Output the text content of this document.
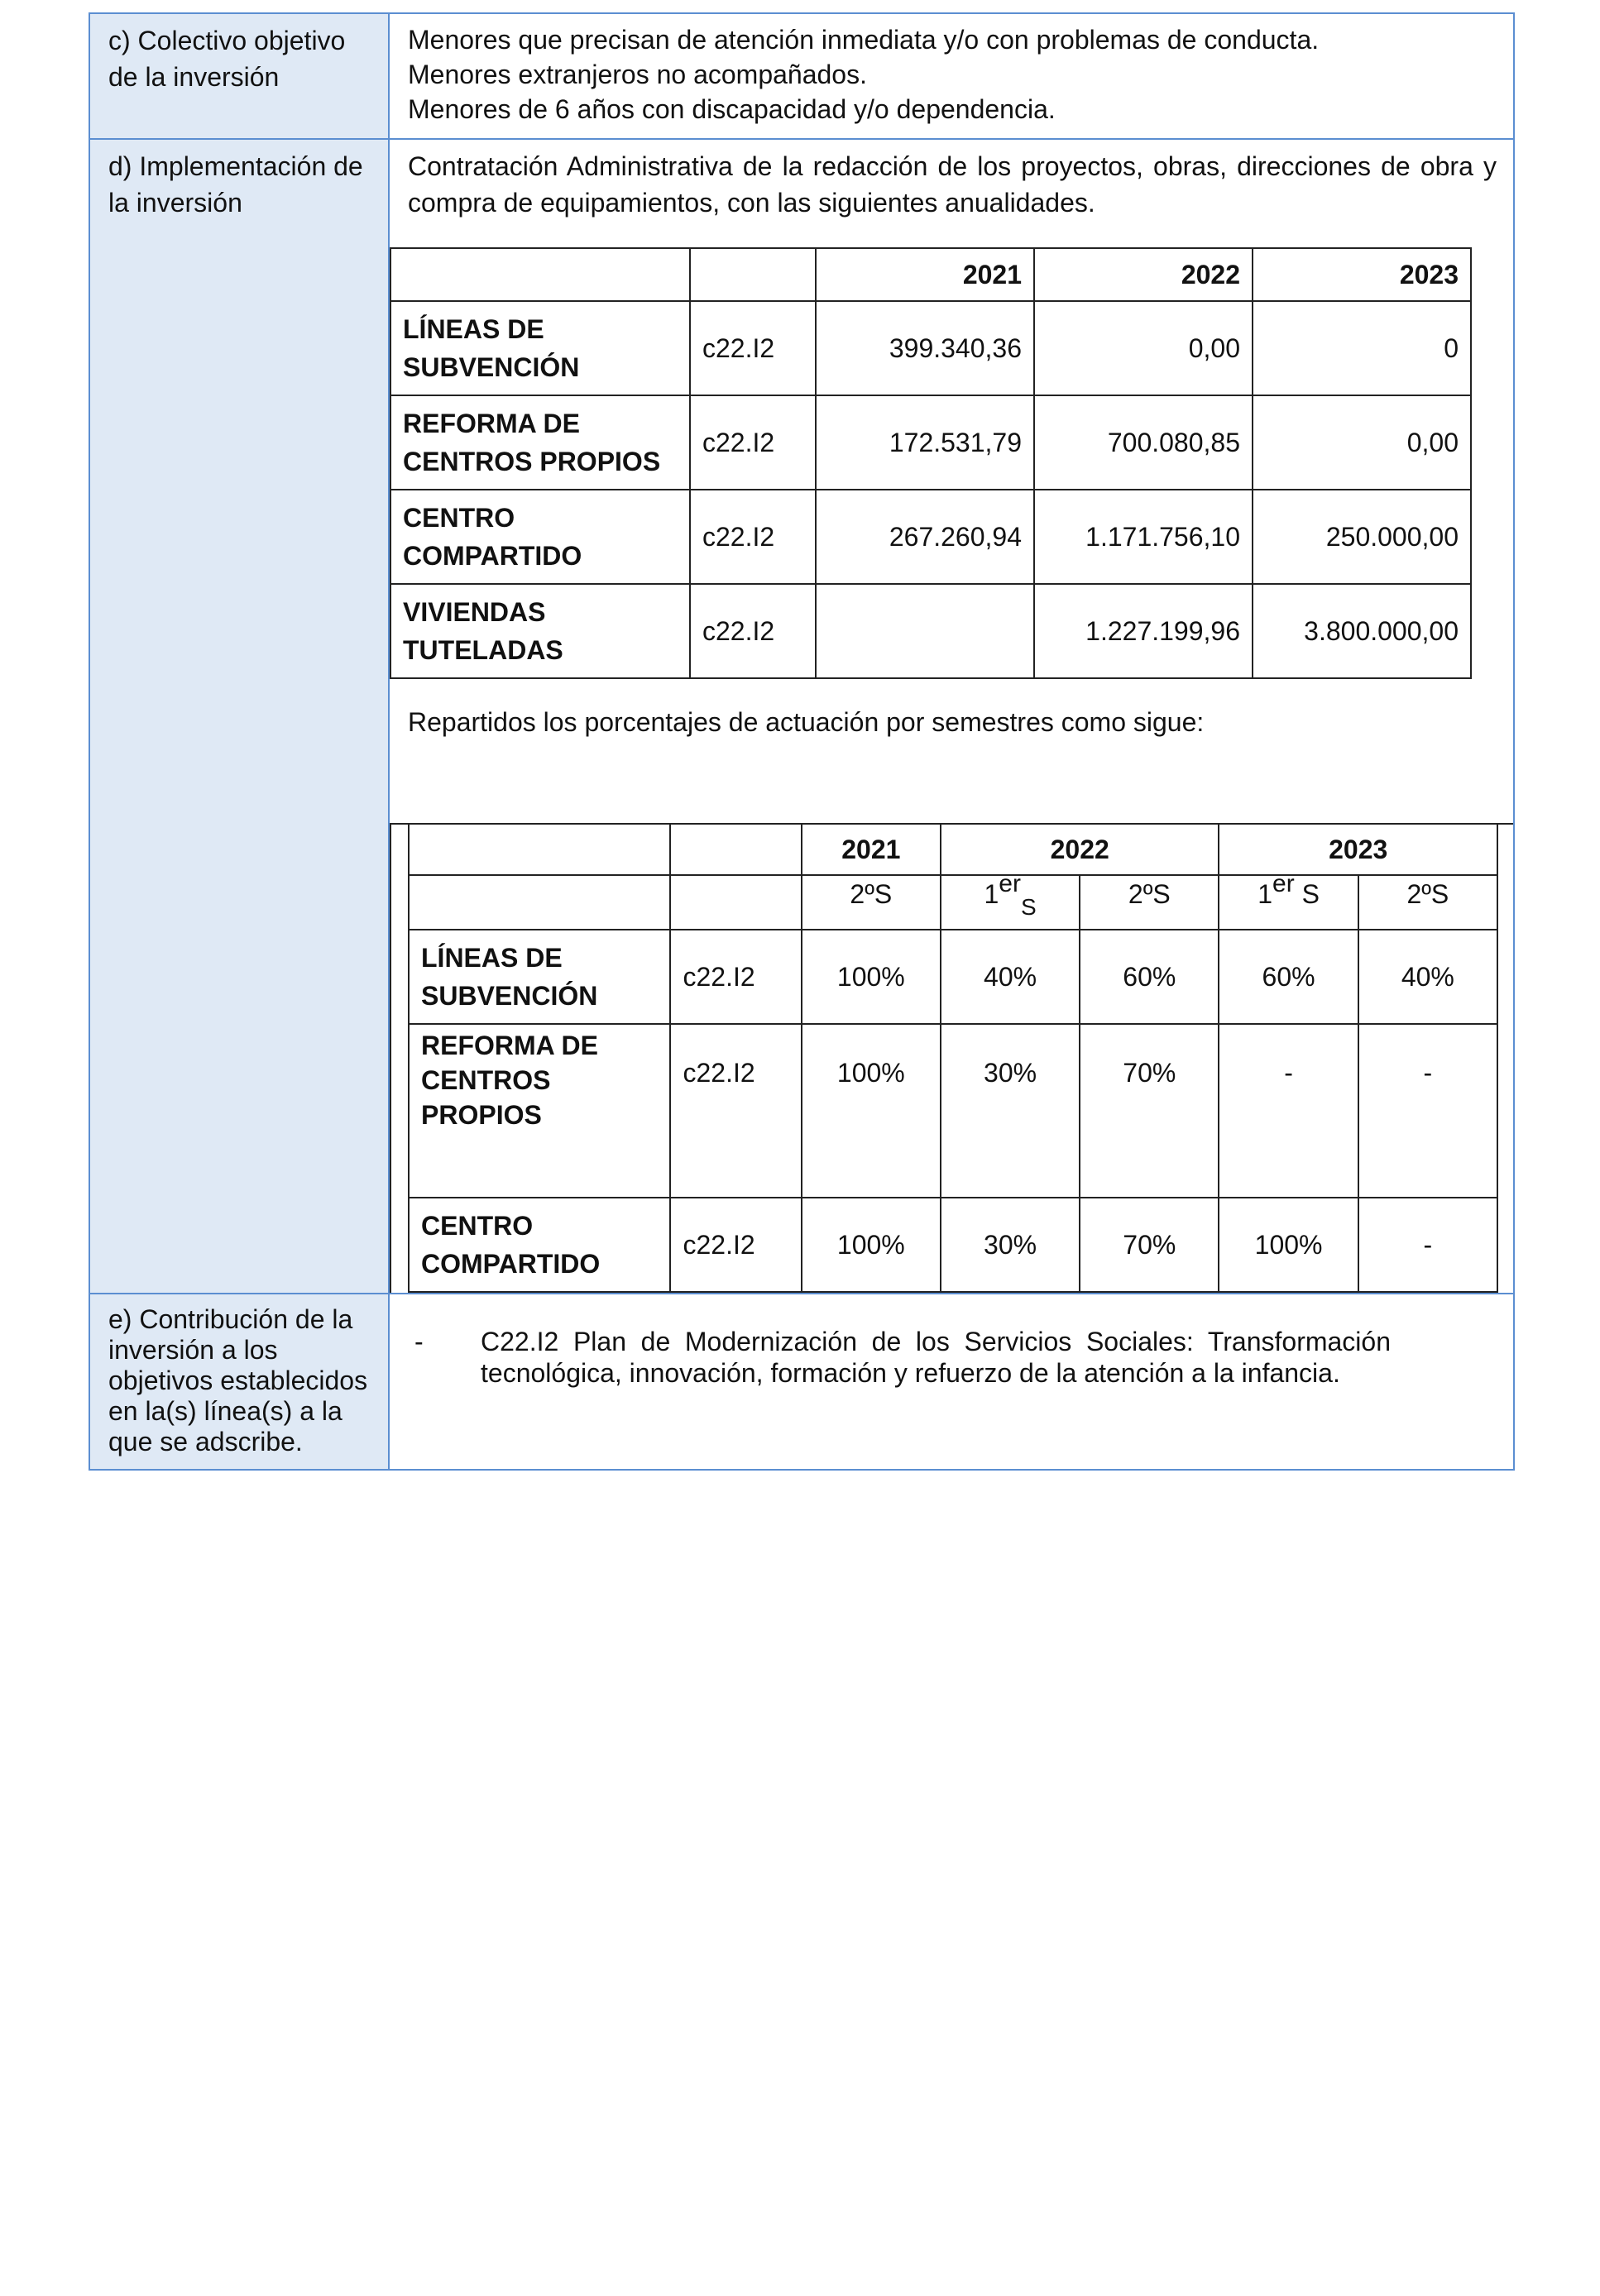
c) Colectivo objetivo de la inversión	
Menores que precisan de atención inmediata y/o con problemas de conducta.
Menores extranjeros no acompañados.
Menores de 6 años con discapacidad y/o dependencia.

d) Implementación de la inversión	
Contratación Administrativa de la redacción de los proyectos, obras, direcciones de obra y
compra de equipamientos, con las siguientes anualidades.
		2021	2022	2023
LÍNEAS DE SUBVENCIÓN	c22.I2	399.340,36	0,00	0
REFORMA DE CENTROS PROPIOS	c22.I2	172.531,79	700.080,85	0,00
CENTRO COMPARTIDO	c22.I2	267.260,94	1.171.756,10	250.000,00
VIVIENDAS TUTELADAS	c22.I2		1.227.199,96	3.800.000,00
Repartidos los porcentajes de actuación por semestres como sigue:
		2021	2022	2023
		2ºS	1erS	2ºS	1er S	2ºS
LÍNEAS DE SUBVENCIÓN	c22.I2	100%	40%	60%	60%	40%
REFORMA DE CENTROS PROPIOS	c22.I2	100%	30%	70%	-	-
CENTRO COMPARTIDO	c22.I2	100%	30%	70%	100%	-

e) Contribución de la inversión a los objetivos establecidos en la(s) línea(s) a la que se adscribe.	
-	C22.I2 Plan de Modernización de los Servicios Sociales: Transformación
tecnológica, innovación, formación y refuerzo de la atención a la infancia.
